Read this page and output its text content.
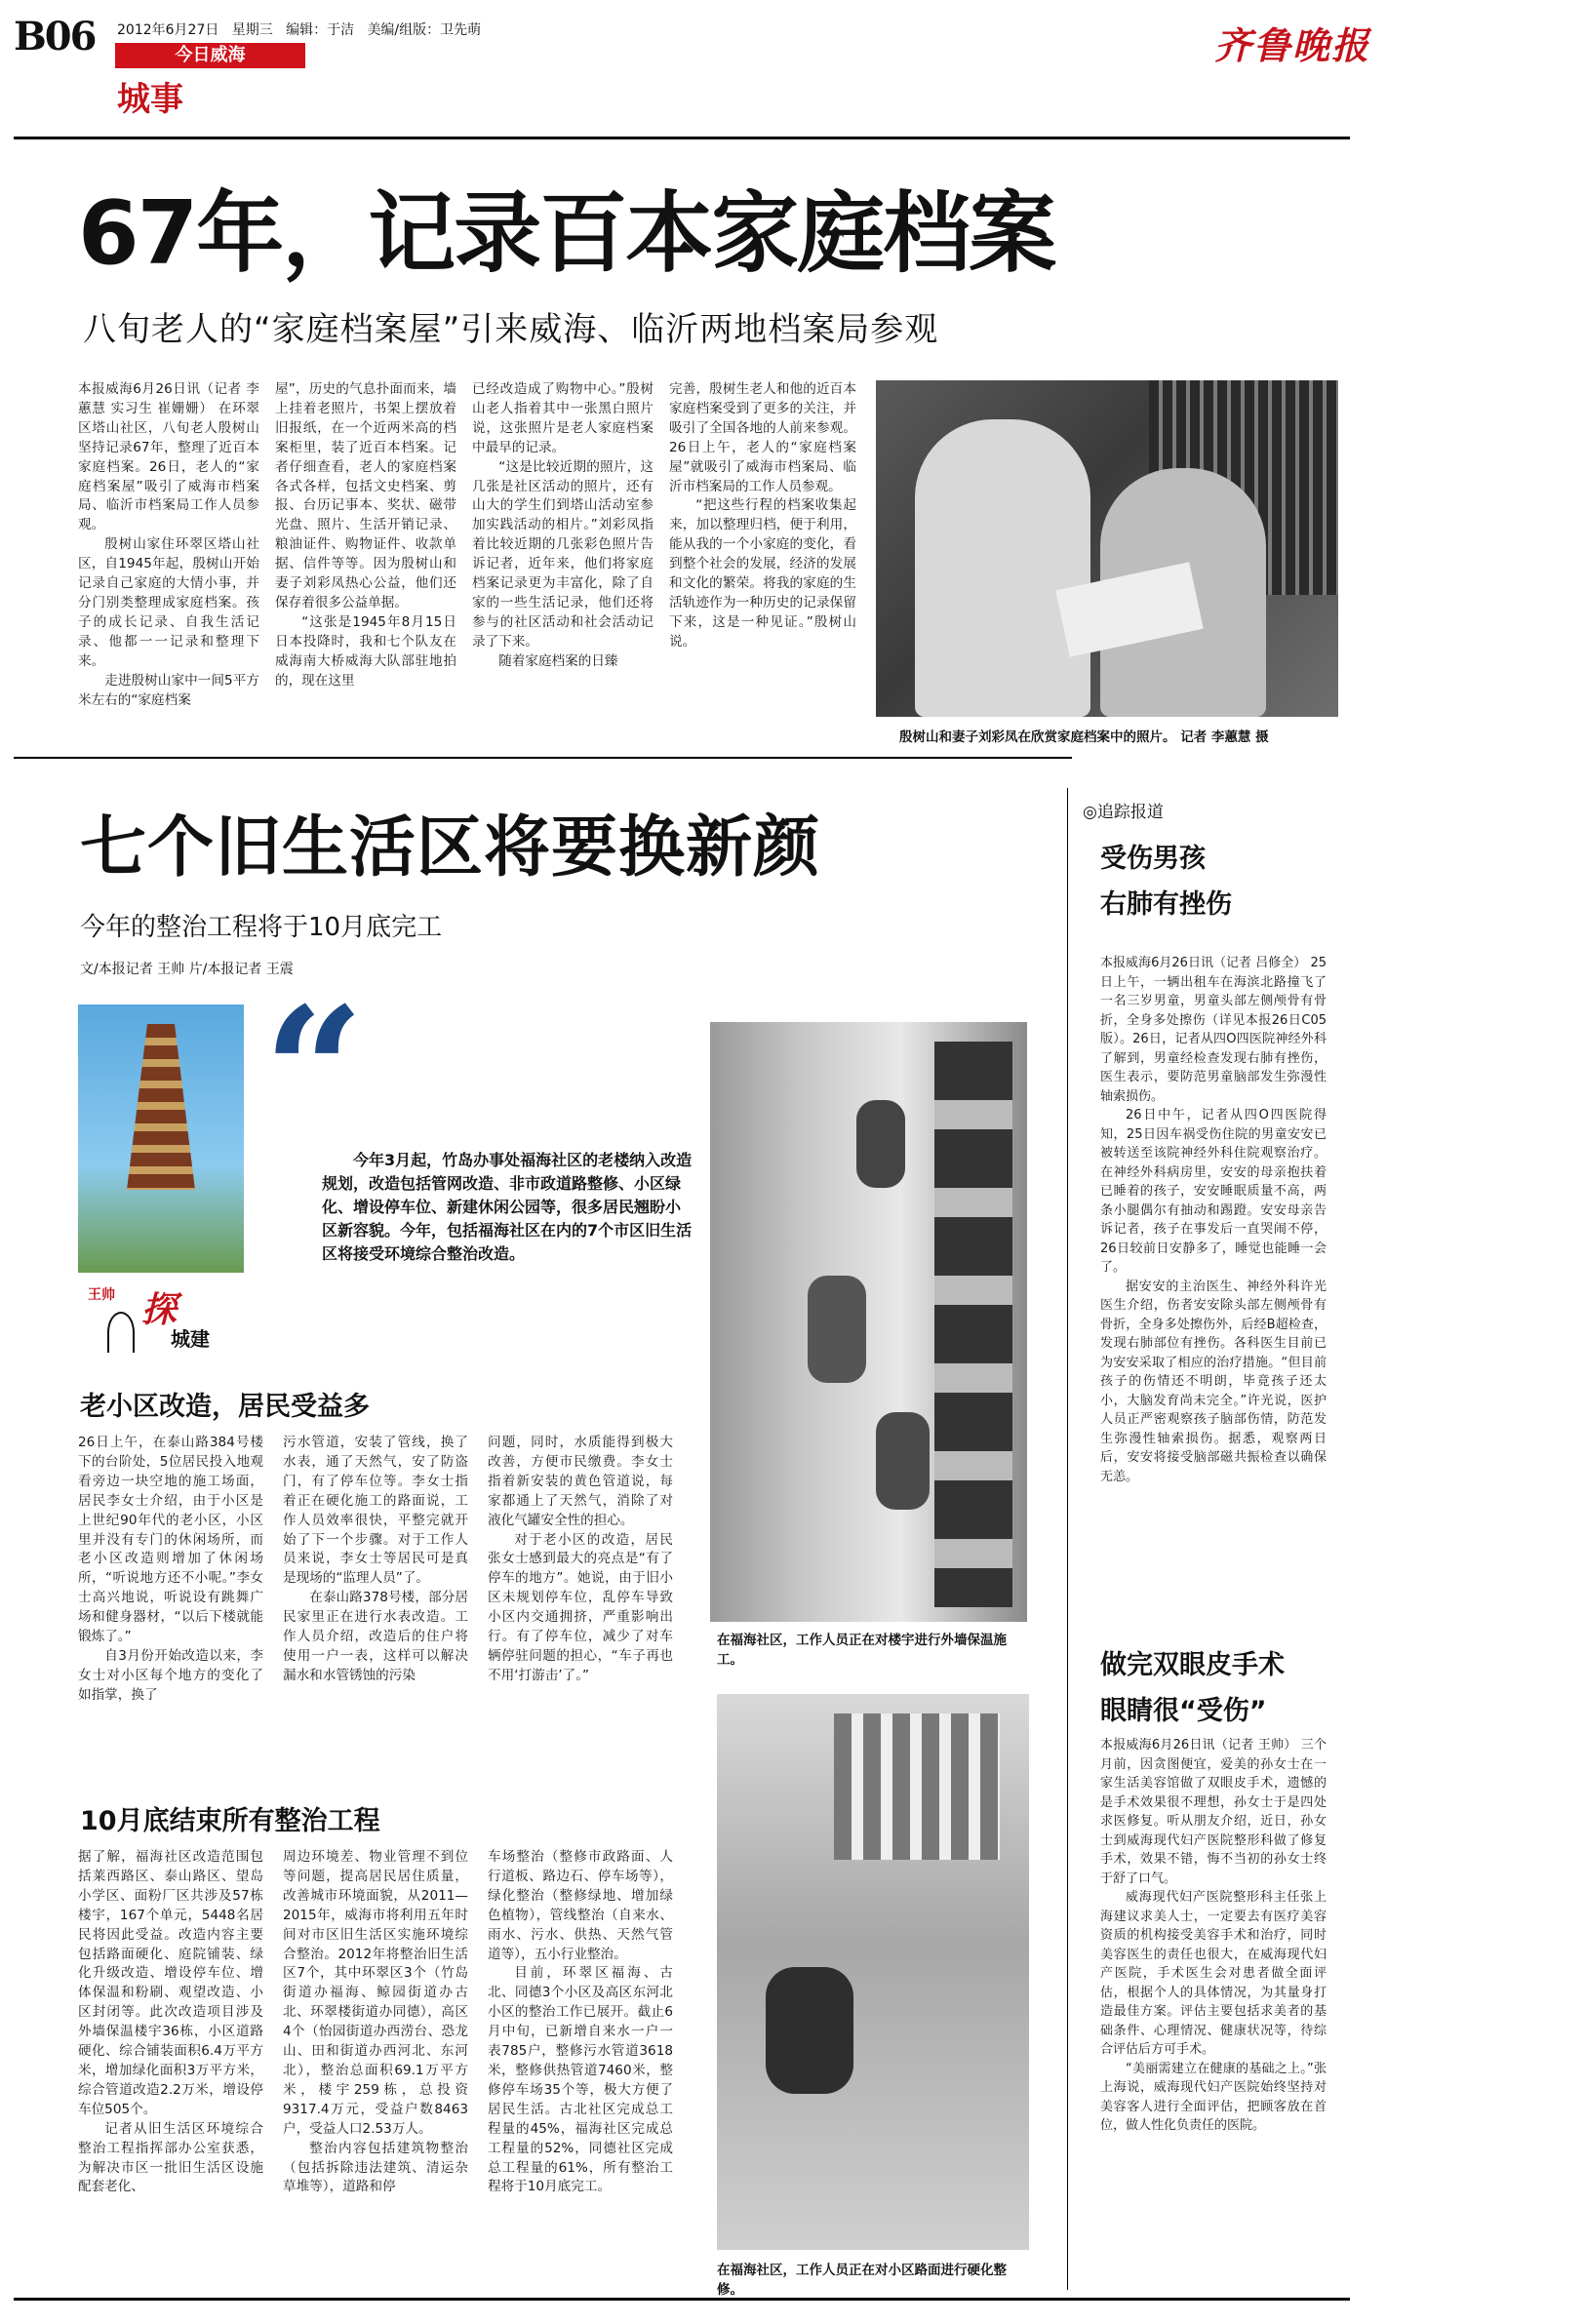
B06 2012年6月27日 星期三 编辑：于洁 美编/组版：卫先萌
今日威海
城事
齐鲁晚报
67年，记录百本家庭档案
八旬老人的“家庭档案屋”引来威海、临沂两地档案局参观

本报威海6月26日讯（记者 李蕙慧 实习生 崔姗姗） 在环翠区塔山社区，八旬老人殷树山坚持记录67年，整理了近百本家庭档案。26日，老人的“家庭档案屋”吸引了威海市档案局、临沂市档案局工作人员参观。

殷树山家住环翠区塔山社区，自1945年起，殷树山开始记录自己家庭的大情小事，并分门别类整理成家庭档案。孩子的成长记录、自我生活记录、他都一一记录和整理下来。

走进殷树山家中一间5平方米左右的“家庭档案

屋”，历史的气息扑面而来，墙上挂着老照片，书架上摆放着旧报纸，在一个近两米高的档案柜里，装了近百本档案。记者仔细查看，老人的家庭档案各式各样，包括文史档案、剪报、台历记事本、奖状、磁带光盘、照片、生活开销记录、粮油证件、购物证件、收款单据、信件等等。因为殷树山和妻子刘彩凤热心公益，他们还保存着很多公益单据。

“这张是1945年8月15日日本投降时，我和七个队友在威海南大桥威海大队部驻地拍的，现在这里

已经改造成了购物中心。”殷树山老人指着其中一张黑白照片说，这张照片是老人家庭档案中最早的记录。

“这是比较近期的照片，这几张是社区活动的照片，还有山大的学生们到塔山活动室参加实践活动的相片。”刘彩凤指着比较近期的几张彩色照片告诉记者，近年来，他们将家庭档案记录更为丰富化，除了自家的一些生活记录，他们还将参与的社区活动和社会活动记录了下来。

随着家庭档案的日臻

完善，殷树生老人和他的近百本家庭档案受到了更多的关注，并吸引了全国各地的人前来参观。26日上午，老人的“家庭档案屋”就吸引了威海市档案局、临沂市档案局的工作人员参观。

“把这些行程的档案收集起来，加以整理归档，便于利用，能从我的一个小家庭的变化，看到整个社会的发展，经济的发展和文化的繁荣。将我的家庭的生活轨迹作为一种历史的记录保留下来，这是一种见证。”殷树山说。

殷树山和妻子刘彩凤在欣赏家庭档案中的照片。 记者 李蕙慧 摄
七个旧生活区将要换新颜
今年的整治工程将于10月底完工
文/本报记者 王帅 片/本报记者 王震
王帅 探
城建
“
今年3月起，竹岛办事处福海社区的老楼纳入改造规划，改造包括管网改造、非市政道路整修、小区绿化、增设停车位、新建休闲公园等，很多居民翘盼小区新容貌。今年，包括福海社区在内的7个市区旧生活区将接受环境综合整治改造。
老小区改造，居民受益多

26日上午，在泰山路384号楼下的台阶处，5位居民投入地观看旁边一块空地的施工场面，居民李女士介绍，由于小区是上世纪90年代的老小区，小区里并没有专门的休闲场所，而老小区改造则增加了休闲场所，“听说地方还不小呢。”李女士高兴地说，听说设有跳舞广场和健身器材，“以后下楼就能锻炼了。”

自3月份开始改造以来，李女士对小区每个地方的变化了如指掌，换了

污水管道，安装了管线，换了水表，通了天然气，安了防盗门，有了停车位等。李女士指着正在硬化施工的路面说，工作人员效率很快，平整完就开始了下一个步骤。对于工作人员来说，李女士等居民可是真是现场的“监理人员”了。

在泰山路378号楼，部分居民家里正在进行水表改造。工作人员介绍，改造后的住户将使用一户一表，这样可以解决漏水和水管锈蚀的污染

问题，同时，水质能得到极大改善，方便市民缴费。李女士指着新安装的黄色管道说，每家都通上了天然气，消除了对液化气罐安全性的担心。

对于老小区的改造，居民张女士感到最大的亮点是“有了停车的地方”。她说，由于旧小区未规划停车位，乱停车导致小区内交通拥挤，严重影响出行。有了停车位，减少了对车辆停驻问题的担心，“车子再也不用‘打游击’了。”

10月底结束所有整治工程

据了解，福海社区改造范围包括莱西路区、泰山路区、望岛小学区、面粉厂区共涉及57栋楼宇，167个单元，5448名居民将因此受益。改造内容主要包括路面硬化、庭院铺装、绿化升级改造、增设停车位、增体保温和粉刷、观望改造、小区封闭等。此次改造项目涉及外墙保温楼宇36栋，小区道路硬化、综合铺装面积6.4万平方米，增加绿化面积3万平方米，综合管道改造2.2万米，增设停车位505个。

记者从旧生活区环境综合整治工程指挥部办公室获悉，为解决市区一批旧生活区设施配套老化、

周边环境差、物业管理不到位等问题，提高居民居住质量，改善城市环境面貌，从2011—2015年，威海市将利用五年时间对市区旧生活区实施环境综合整治。2012年将整治旧生活区7个，其中环翠区3个（竹岛街道办福海、鲸园街道办古北、环翠楼街道办同德），高区4个（怡园街道办西涝台、恐龙山、田和街道办西河北、东河北），整治总面积69.1万平方米，楼宇259栋，总投资9317.4万元，受益户数8463户，受益人口2.53万人。

整治内容包括建筑物整治（包括拆除违法建筑、清运杂草堆等），道路和停

车场整治（整修市政路面、人行道板、路边石、停车场等），绿化整治（整修绿地、增加绿色植物），管线整治（自来水、雨水、污水、供热、天然气管道等），五小行业整治。

目前，环翠区福海、古北、同德3个小区及高区东河北小区的整治工作已展开。截止6月中旬，已新增自来水一户一表785户，整修污水管道3618米，整修供热管道7460米，整修停车场35个等，极大方便了居民生活。古北社区完成总工程量的45%，福海社区完成总工程量的52%，同德社区完成总工程量的61%，所有整治工程将于10月底完工。

在福海社区，工作人员正在对楼宇进行外墙保温施工。
在福海社区，工作人员正在对小区路面进行硬化整修。
◎追踪报道
受伤男孩
右肺有挫伤

本报威海6月26日讯（记者 吕修全） 25日上午，一辆出租车在海滨北路撞飞了一名三岁男童，男童头部左侧颅骨有骨折，全身多处擦伤（详见本报26日C05版）。26日，记者从四O四医院神经外科了解到，男童经检查发现右肺有挫伤，医生表示，要防范男童脑部发生弥漫性轴索损伤。

26日中午，记者从四O四医院得知，25日因车祸受伤住院的男童安安已被转送至该院神经外科住院观察治疗。在神经外科病房里，安安的母亲抱扶着已睡着的孩子，安安睡眠质量不高，两条小腿偶尔有抽动和踢蹬。安安母亲告诉记者，孩子在事发后一直哭闹不停，26日较前日安静多了，睡觉也能睡一会了。

据安安的主治医生、神经外科许光医生介绍，伤者安安除头部左侧颅骨有骨折，全身多处擦伤外，后经B超检查，发现右肺部位有挫伤。各科医生目前已为安安采取了相应的治疗措施。“但目前孩子的伤情还不明朗，毕竟孩子还太小，大脑发育尚未完全。”许光说，医护人员正严密观察孩子脑部伤情，防范发生弥漫性轴索损伤。据悉，观察两日后，安安将接受脑部磁共振检查以确保无恙。

做完双眼皮手术
眼睛很“受伤”

本报威海6月26日讯（记者 王帅） 三个月前，因贪图便宜，爱美的孙女士在一家生活美容馆做了双眼皮手术，遗憾的是手术效果很不理想，孙女士于是四处求医修复。听从朋友介绍，近日，孙女士到威海现代妇产医院整形科做了修复手术，效果不错，悔不当初的孙女士终于舒了口气。

威海现代妇产医院整形科主任张上海建议求美人士，一定要去有医疗美容资质的机构接受美容手术和治疗，同时美容医生的责任也很大，在威海现代妇产医院，手术医生会对患者做全面评估，根据个人的具体情况，为其量身打造最佳方案。评估主要包括求美者的基础条件、心理情况、健康状况等，待综合评估后方可手术。

“美丽需建立在健康的基础之上。”张上海说，威海现代妇产医院始终坚持对美容客人进行全面评估，把顾客放在首位，做人性化负责任的医院。
